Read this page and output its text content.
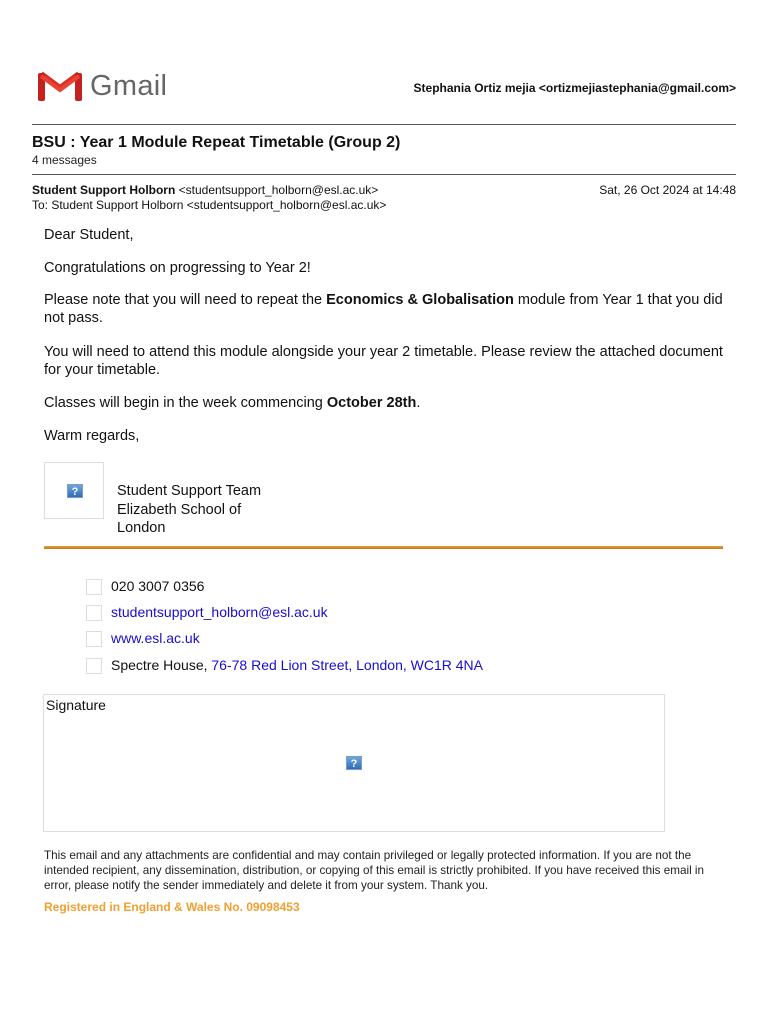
Gmail	Stephania Ortiz mejia <ortizmejiastephania@gmail.com>
BSU : Year 1 Module Repeat Timetable (Group 2)
4 messages
Student Support Holborn <studentsupport_holborn@esl.ac.uk>	Sat, 26 Oct 2024 at 14:48
To: Student Support Holborn <studentsupport_holborn@esl.ac.uk>
Dear Student,
Congratulations on progressing to Year 2!
Please note that you will need to repeat the Economics & Globalisation module from Year 1 that you did not pass.
You will need to attend this module alongside your year 2 timetable. Please review the attached document for your timetable.
Classes will begin in the week commencing October 28th.
Warm regards,
?	Student Support Team
Elizabeth School of
London
020 3007 0356
studentsupport_holborn@esl.ac.uk
www.esl.ac.uk
Spectre House, 76-78 Red Lion Street, London, WC1R 4NA
?
Signature
This email and any attachments are confidential and may contain privileged or legally protected information. If you are not the intended recipient, any dissemination, distribution, or copying of this email is strictly prohibited. If you have received this email in error, please notify the sender immediately and delete it from your system. Thank you.
Registered in England & Wales No. 09098453
